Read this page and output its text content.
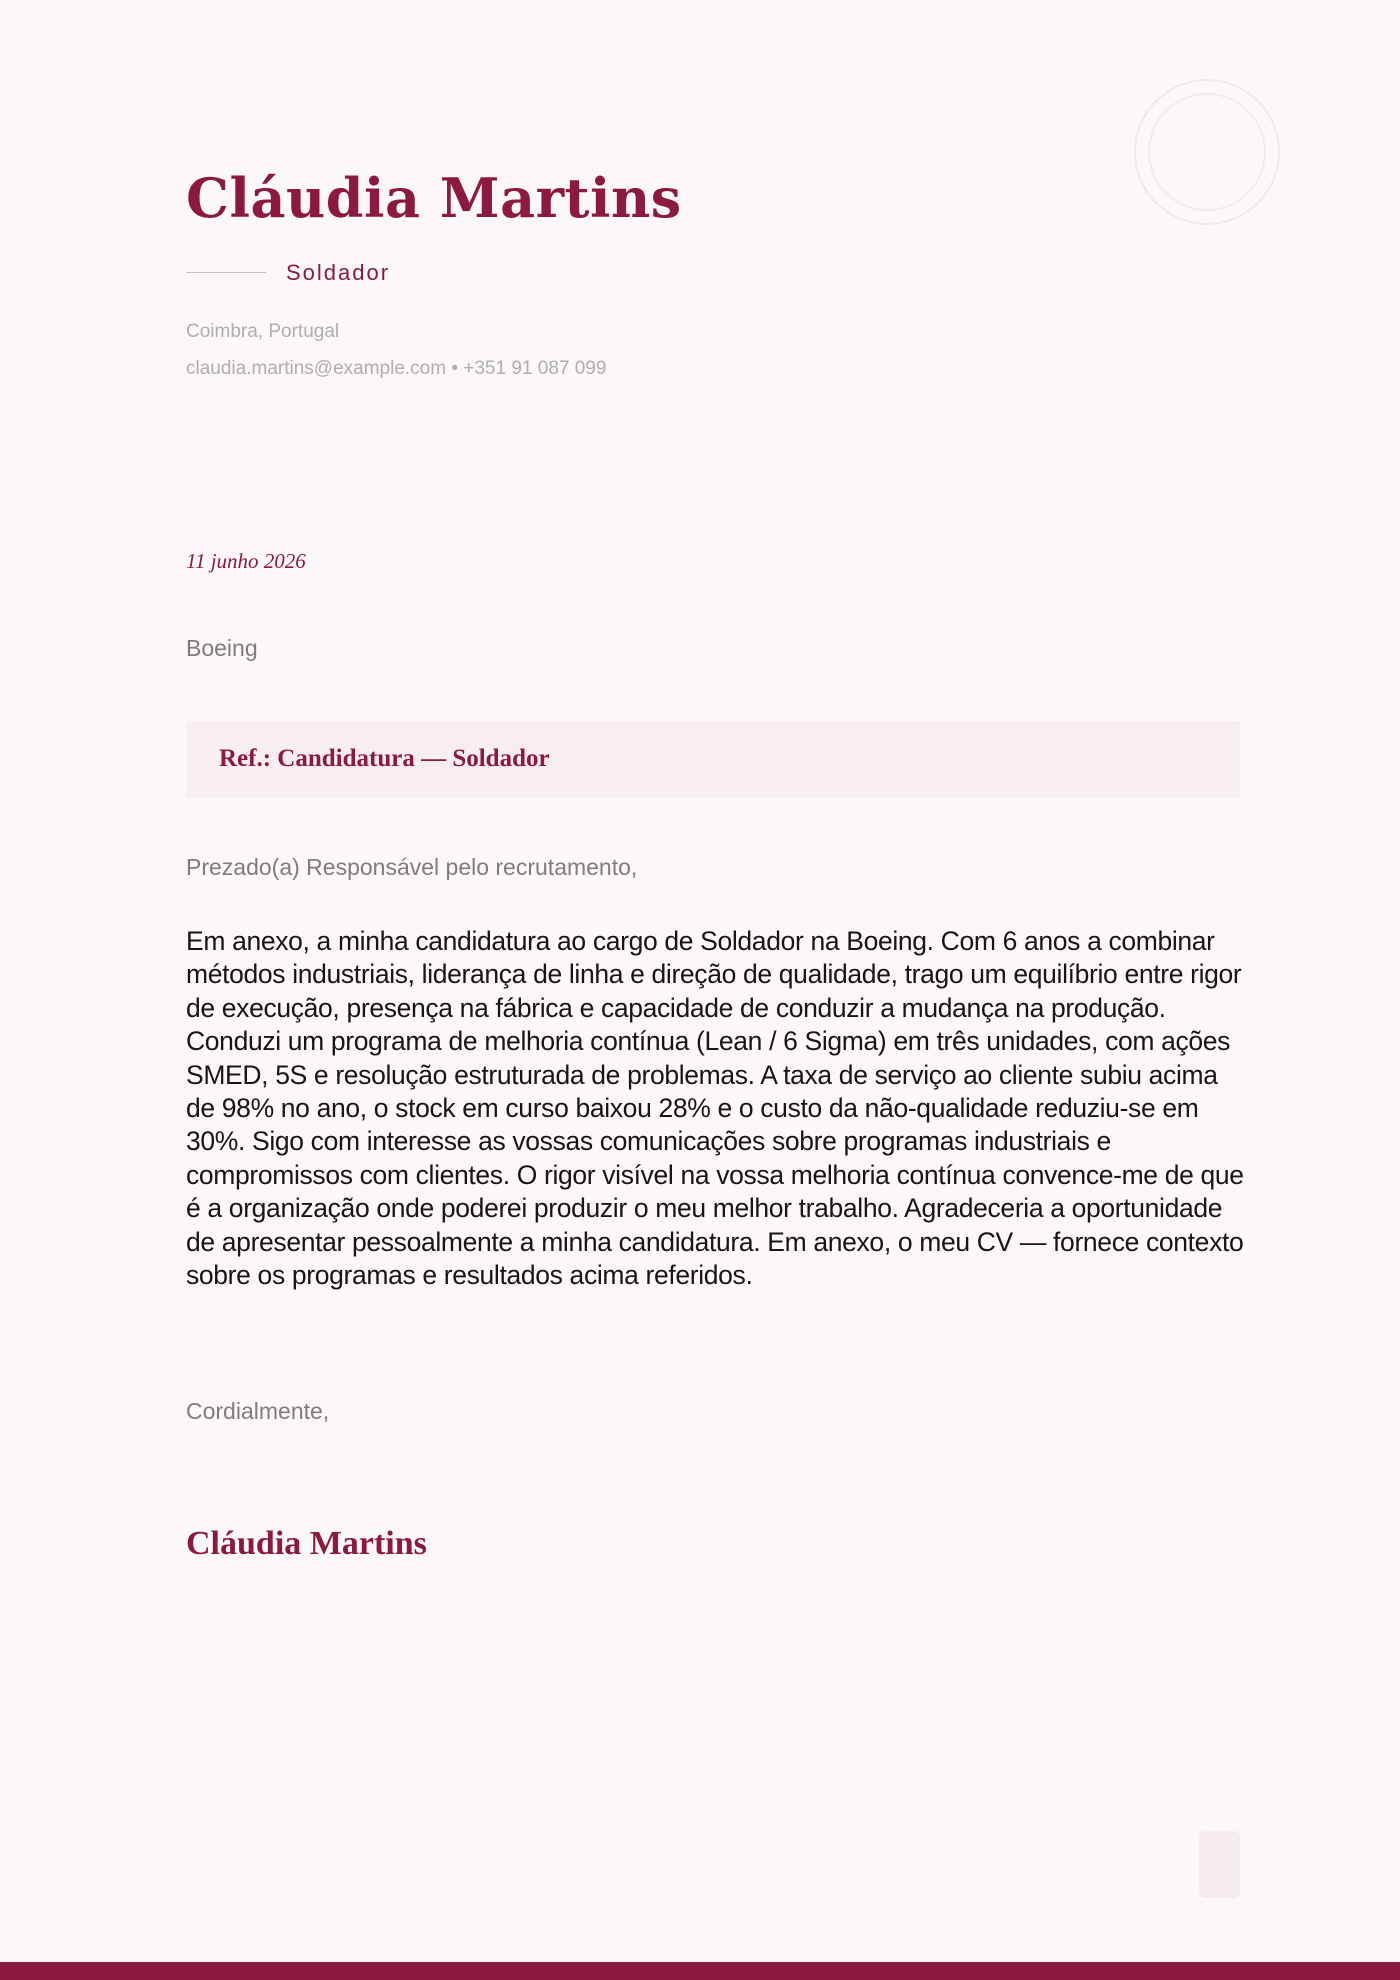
Cláudia Martins
Soldador
Coimbra, Portugal
claudia.martins@example.com • +351 91 087 099
11 junho 2026
Boeing
Ref.: Candidatura — Soldador
Prezado(a) Responsável pelo recrutamento,

Em anexo, a minha candidatura ao cargo de Soldador na Boeing. Com 6 anos a combinar métodos industriais, liderança de linha e direção de qualidade, trago um equilíbrio entre rigor de execução, presença na fábrica e capacidade de conduzir a mudança na produção. Conduzi um programa de melhoria contínua (Lean / 6 Sigma) em três unidades, com ações SMED, 5S e resolução estruturada de problemas. A taxa de serviço ao cliente subiu acima de 98% no ano, o stock em curso baixou 28% e o custo da não-qualidade reduziu-se em 30%. Sigo com interesse as vossas comunicações sobre programas industriais e compromissos com clientes. O rigor visível na vossa melhoria contínua convence-me de que é a organização onde poderei produzir o meu melhor trabalho. Agradeceria a oportunidade de apresentar pessoalmente a minha candidatura. Em anexo, o meu CV — fornece contexto sobre os programas e resultados acima referidos.

Cordialmente,
Cláudia Martins
